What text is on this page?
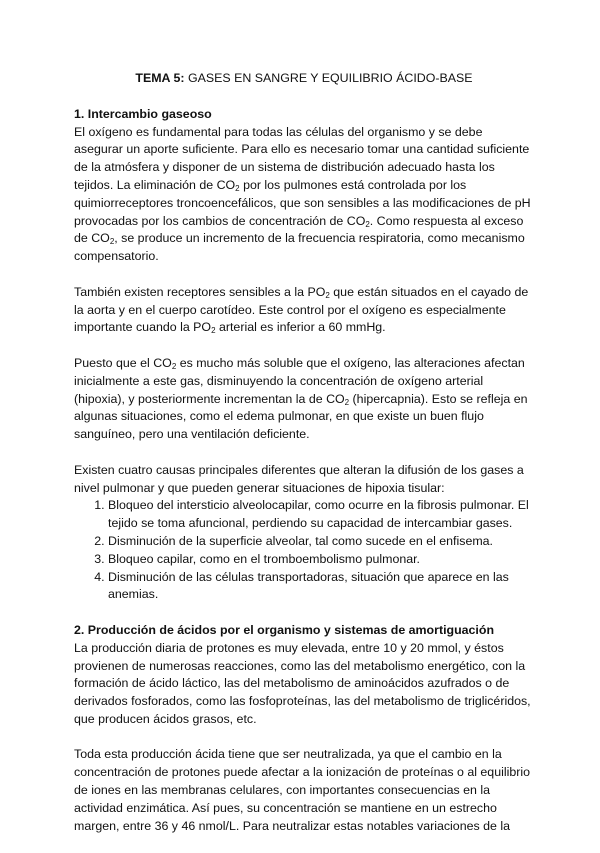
TEMA 5: GASES EN SANGRE Y EQUILIBRIO ÁCIDO-BASE
1. Intercambio gaseoso

El oxígeno es fundamental para todas las células del organismo y se debe asegurar un aporte suficiente. Para ello es necesario tomar una cantidad suficiente de la atmósfera y disponer de un sistema de distribución adecuado hasta los tejidos. La eliminación de $CO_2$ por los pulmones está controlada por los quimiorreceptores troncoencefálicos, que son sensibles a las modificaciones de pH provocadas por los cambios de concentración de $CO_2$. Como respuesta al exceso de $CO_2$, se produce un incremento de la frecuencia respiratoria, como mecanismo compensatorio.

También existen receptores sensibles a la $PO_2$ que están situados en el cayado de la aorta y en el cuerpo carotídeo. Este control por el oxígeno es especialmente importante cuando la $PO_2$ arterial es inferior a 60 mmHg.

Puesto que el $CO_2$ es mucho más soluble que el oxígeno, las alteraciones afectan inicialmente a este gas, disminuyendo la concentración de oxígeno arterial (hipoxia), y posteriormente incrementan la de $CO_2$ (hipercapnia). Esto se refleja en algunas situaciones, como el edema pulmonar, en que existe un buen flujo sanguíneo, pero una ventilación deficiente.

Existen cuatro causas principales diferentes que alteran la difusión de los gases a nivel pulmonar y que pueden generar situaciones de hipoxia tisular:

1. Bloqueo del intersticio alveolocapilar, como ocurre en la fibrosis pulmonar. El tejido se toma afuncional, perdiendo su capacidad de intercambiar gases.
2. Disminución de la superficie alveolar, tal como sucede en el enfisema.
3. Bloqueo capilar, como en el tromboembolismo pulmonar.
4. Disminución de las células transportadoras, situación que aparece en las anemias.
2. Producción de ácidos por el organismo y sistemas de amortiguación

La producción diaria de protones es muy elevada, entre 10 y 20 mmol, y éstos provienen de numerosas reacciones, como las del metabolismo energético, con la formación de ácido láctico, las del metabolismo de aminoácidos azufrados o de derivados fosforados, como las fosfoproteínas, las del metabolismo de triglicéridos, que producen ácidos grasos, etc.

Toda esta producción ácida tiene que ser neutralizada, ya que el cambio en la concentración de protones puede afectar a la ionización de proteínas o al equilibrio de iones en las membranas celulares, con importantes consecuencias en la actividad enzimática. Así pues, su concentración se mantiene en un estrecho margen, entre 36 y 46 nmol/L. Para neutralizar estas notables variaciones de la
